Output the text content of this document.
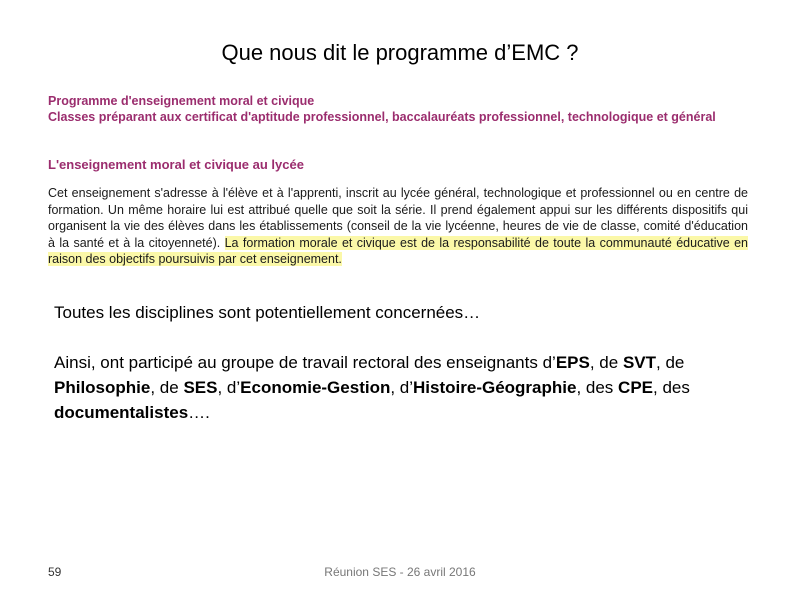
Que nous dit le programme d’EMC ?
Programme d'enseignement moral et civique
Classes préparant aux certificat d'aptitude professionnel, baccalauréats professionnel, technologique et général
L'enseignement moral et civique au lycée
Cet enseignement s'adresse à l'élève et à l'apprenti, inscrit au lycée général, technologique et professionnel ou en centre de formation. Un même horaire lui est attribué quelle que soit la série. Il prend également appui sur les différents dispositifs qui organisent la vie des élèves dans les établissements (conseil de la vie lycéenne, heures de vie de classe, comité d'éducation à la santé et à la citoyenneté). La formation morale et civique est de la responsabilité de toute la communauté éducative en raison des objectifs poursuivis par cet enseignement.

Toutes les disciplines sont potentiellement concernées…

Ainsi, ont participé au groupe de travail rectoral des enseignants d’EPS, de SVT, de Philosophie, de SES, d’Economie-Gestion, d’Histoire-Géographie, des CPE, des documentalistes….

59	Réunion SES - 26 avril 2016
